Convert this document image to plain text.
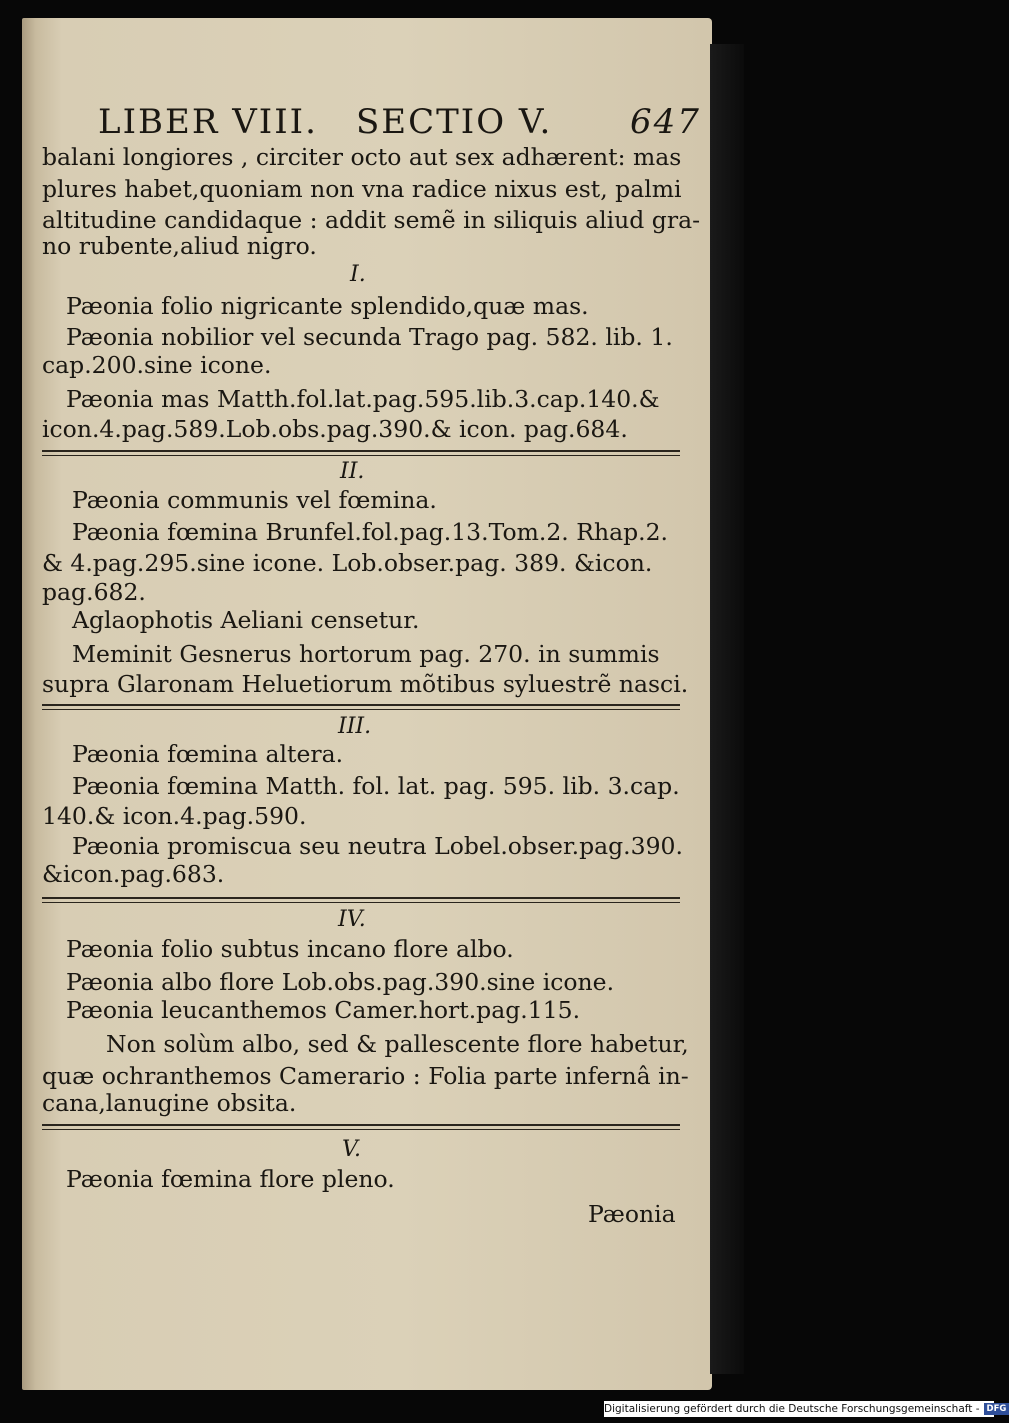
LIBER VIII. SECTIO V. 647
balani longiores , circiter octo aut sex adhærent: mas
plures habet,quoniam non vna radice nixus est, palmi
altitudine candidaque : addit semẽ in siliquis aliud gra-
no rubente,aliud nigro.
I.
Pæonia folio nigricante splendido,quæ mas.
Pæonia nobilior vel secunda Trago pag. 582. lib. 1.
cap.200.sine icone.
Pæonia mas Matth.fol.lat.pag.595.lib.3.cap.140.&
icon.4.pag.589.Lob.obs.pag.390.& icon. pag.684.
II.
Pæonia communis vel fœmina.
Pæonia fœmina Brunfel.fol.pag.13.Tom.2. Rhap.2.
& 4.pag.295.sine icone. Lob.obser.pag. 389. &icon.
pag.682.
Aglaophotis Aeliani censetur.
Meminit Gesnerus hortorum pag. 270. in summis
supra Glaronam Heluetiorum mõtibus syluestrẽ nasci.
III.
Pæonia fœmina altera.
Pæonia fœmina Matth. fol. lat. pag. 595. lib. 3.cap.
140.& icon.4.pag.590.
Pæonia promiscua seu neutra Lobel.obser.pag.390.
&icon.pag.683.
IV.
Pæonia folio subtus incano flore albo.
Pæonia albo flore Lob.obs.pag.390.sine icone.
Pæonia leucanthemos Camer.hort.pag.115.
Non solùm albo, sed & pallescente flore habetur,
quæ ochranthemos Camerario : Folia parte infernâ in-
cana,lanugine obsita.
V.
Pæonia fœmina flore pleno.
Pæonia
Digitalisierung gefördert durch die Deutsche Forschungsgemeinschaft - DFG
